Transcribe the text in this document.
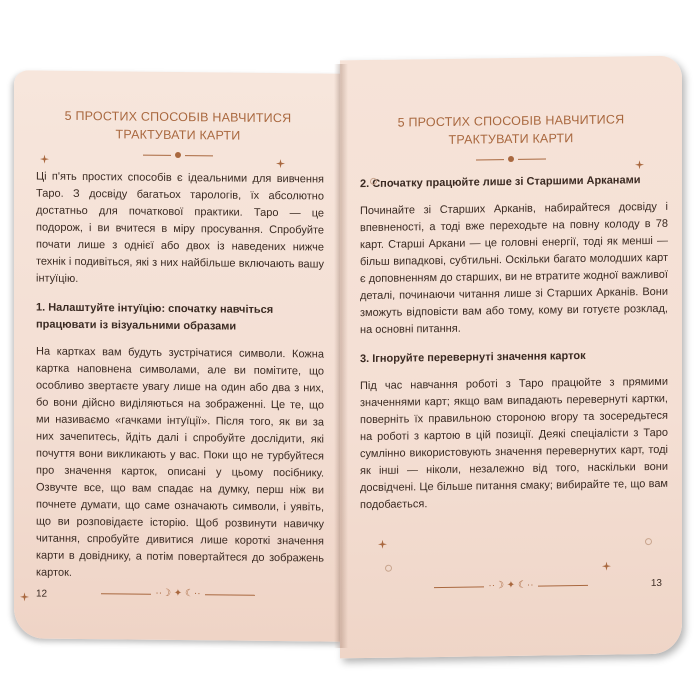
5 ПРОСТИХ СПОСОБІВ НАВЧИТИСЯ
ТРАКТУВАТИ КАРТИ

Ці п'ять простих способів є ідеальними для вивчення Таро. З досвіду багатьох тарологів, їх абсолютно достатньо для початкової практики. Таро — це подорож, і ви вчитеся в міру просування. Спробуйте почати лише з однієї або двох із наведених нижче технік і подивіться, які з них найбільше включають вашу інтуїцію.

1. Налаштуйте інтуїцію: спочатку навчіться працювати із візуальними образами

На картках вам будуть зустрічатися символи. Кожна картка наповнена символами, але ви помітите, що особливо звертаєте увагу лише на один або два з них, бо вони дійсно виділяються на зображенні. Це те, що ми називаємо «гачками інтуїції». Після того, як ви за них зачепитесь, йдіть далі і спробуйте дослідити, які почуття вони викликають у вас. Поки що не турбуйтеся про значення карток, описані у цьому посібнику. Озвучте все, що вам спадає на думку, перш ніж ви почнете думати, що саме означають символи, і уявіть, що ви розповідаєте історію. Щоб розвинути навичку читання, спробуйте дивитися лише короткі значення карти в довіднику, а потім повертайтеся до зображень карток.

12	··☽ ✦ ☾··
5 ПРОСТИХ СПОСОБІВ НАВЧИТИСЯ
ТРАКТУВАТИ КАРТИ
2. Спочатку працюйте лише зі Старшими Арканами

Починайте зі Старших Арканів, набирайтеся досвіду і впевненості, а тоді вже переходьте на повну колоду в 78 карт. Старші Аркани — це головні енергії, тоді як менші — більш випадкові, субтильні. Оскільки багато молодших карт є доповненням до старших, ви не втратите жодної важливої деталі, починаючи читання лише зі Старших Арканів. Вони зможуть відповісти вам або тому, кому ви готуєте розклад, на основні питання.

3. Ігноруйте перевернуті значення карток

Під час навчання роботі з Таро працюйте з прямими значеннями карт; якщо вам випадають перевернуті картки, поверніть їх правильною стороною вгору та зосередьтеся на роботі з картою в цій позиції. Деякі спеціалісти з Таро сумлінно використовують значення перевернутих карт, тоді як інші — ніколи, незалежно від того, наскільки вони досвідчені. Це більше питання смаку; вибирайте те, що вам подобається.

13
··☽ ✦ ☾··
